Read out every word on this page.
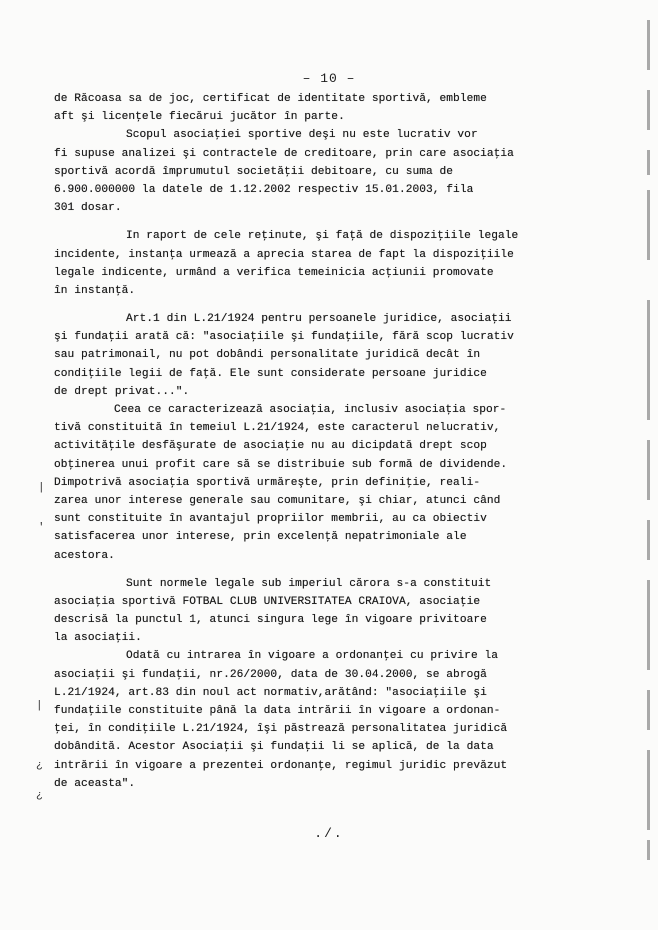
– 10 –
de Răcoasa sa de joc, certificat de identitate sportivă, embleme
aft şi licenţele fiecărui jucător în parte.
Scopul asociaţiei sportive deşi nu este lucrativ vor
fi supuse analizei şi contractele de creditoare, prin care asociaţia
sportivă acordă împrumutul societăţii debitoare, cu suma de
6.900.000000 la datele de 1.12.2002 respectiv 15.01.2003, fila
301 dosar.
In raport de cele reţinute, şi faţă de dispoziţiile legale
incidente, instanţa urmează a aprecia starea de fapt la dispoziţiile
legale indicente, urmând a verifica temeinicia acţiunii promovate
în instanţă.
Art.1 din L.21/1924 pentru persoanele juridice, asociaţii
şi fundaţii arată că: "asociaţiile şi fundaţiile, fără scop lucrativ
sau patrimonail, nu pot dobândi personalitate juridică decât în
condiţiile legii de faţă. Ele sunt considerate persoane juridice
de drept privat...".
Ceea ce caracterizează asociaţia, inclusiv asociaţia spor-
tivă constituită în temeiul L.21/1924, este caracterul nelucrativ,
activităţile desfăşurate de asociaţie nu au dicipdată drept scop
obţinerea unui profit care să se distribuie sub formă de dividende.
Dimpotrivă asociaţia sportivă urmăreşte, prin definiţie, reali-
zarea unor interese generale sau comunitare, şi chiar, atunci când
sunt constituite în avantajul propriilor membrii, au ca obiectiv
satisfacerea unor interese, prin excelenţă nepatrimoniale ale
acestora.
Sunt normele legale sub imperiul cărora s-a constituit
asociaţia sportivă FOTBAL CLUB UNIVERSITATEA CRAIOVA, asociaţie
descrisă la punctul 1, atunci singura lege în vigoare privitoare
la asociaţii.
Odată cu intrarea în vigoare a ordonanţei cu privire la
asociaţii şi fundaţii, nr.26/2000, data de 30.04.2000, se abrogă
L.21/1924, art.83 din noul act normativ,arătând: "asociaţiile şi
fundaţiile constituite până la data intrării în vigoare a ordonan-
ţei, în condiţiile L.21/1924, îşi păstrează personalitatea juridică
dobândită. Acestor Asociaţii şi fundaţii li se aplică, de la data
intrării în vigoare a prezentei ordonanţe, regimul juridic prevăzut
de aceasta".
./.
|
'
|
¿
¿
